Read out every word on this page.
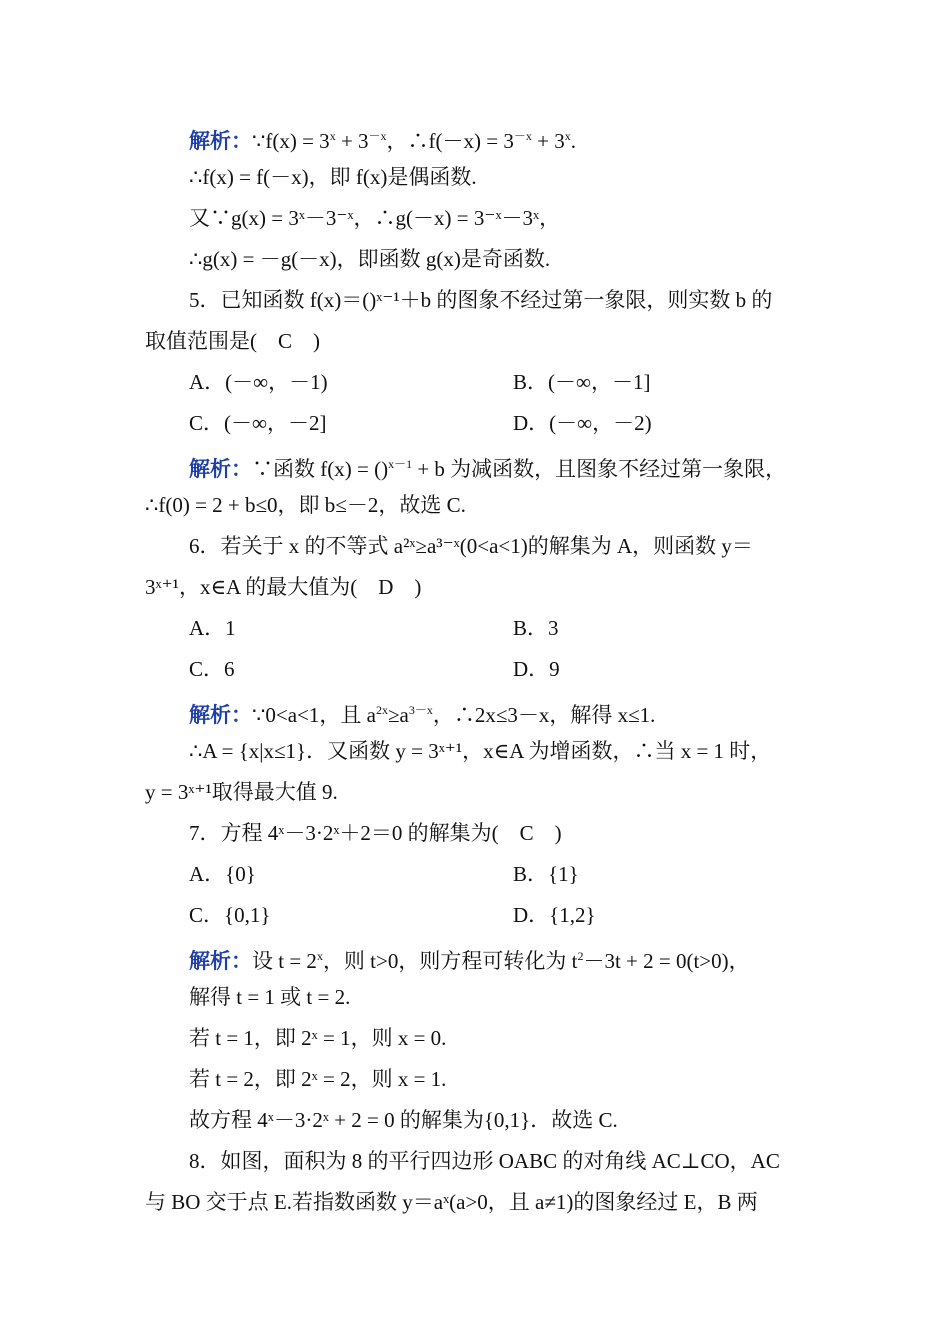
解析：∵f(x) = $3^x + 3^{-x}$，∴f(－x) = $3^{-x} + 3^x$.
∴f(x) = f(－x)，即 f(x)是偶函数.
又∵g(x) = 3ˣ－3⁻ˣ，∴g(－x) = 3⁻ˣ－3ˣ，
∴g(x) = －g(－x)，即函数 g(x)是奇函数.
5．已知函数 f(x)＝()ˣ⁻¹＋b 的图象不经过第一象限，则实数 b 的
取值范围是(　C　)
A．(－∞，－1)	B．(－∞，－1]
C．(－∞，－2]	D．(－∞，－2)
解析：∵函数 f(x) = ()$^{x-1}$ + b 为减函数，且图象不经过第一象限，
∴f(0) = 2 + b≤0，即 b≤－2，故选 C.
6．若关于 x 的不等式 a²ˣ≥a³⁻ˣ(0<a<1)的解集为 A，则函数 y＝
3ˣ⁺¹，x∈A 的最大值为(　D　)
A．1	B．3
C．6	D．9
解析：∵0<a<1，且 $a^{2x}\ge a^{3-x}$，∴2x≤3－x，解得 x≤1.
∴A = {x|x≤1}．又函数 y = 3ˣ⁺¹，x∈A 为增函数，∴当 x = 1 时，
y = 3ˣ⁺¹取得最大值 9.
7．方程 4ˣ－3·2ˣ＋2＝0 的解集为(　C　)
A．{0}	B．{1}
C．{0,1}	D．{1,2}
解析：设 $t = 2^x$，则 t>0，则方程可转化为 $t^2-3t + 2 = 0(t>0)$，
解得 t = 1 或 t = 2.
若 t = 1，即 2ˣ = 1，则 x = 0.
若 t = 2，即 2ˣ = 2，则 x = 1.
故方程 4ˣ－3·2ˣ + 2 = 0 的解集为{0,1}．故选 C.
8．如图，面积为 8 的平行四边形 OABC 的对角线 AC⊥CO，AC
与 BO 交于点 E.若指数函数 y＝aˣ(a>0，且 a≠1)的图象经过 E，B 两
